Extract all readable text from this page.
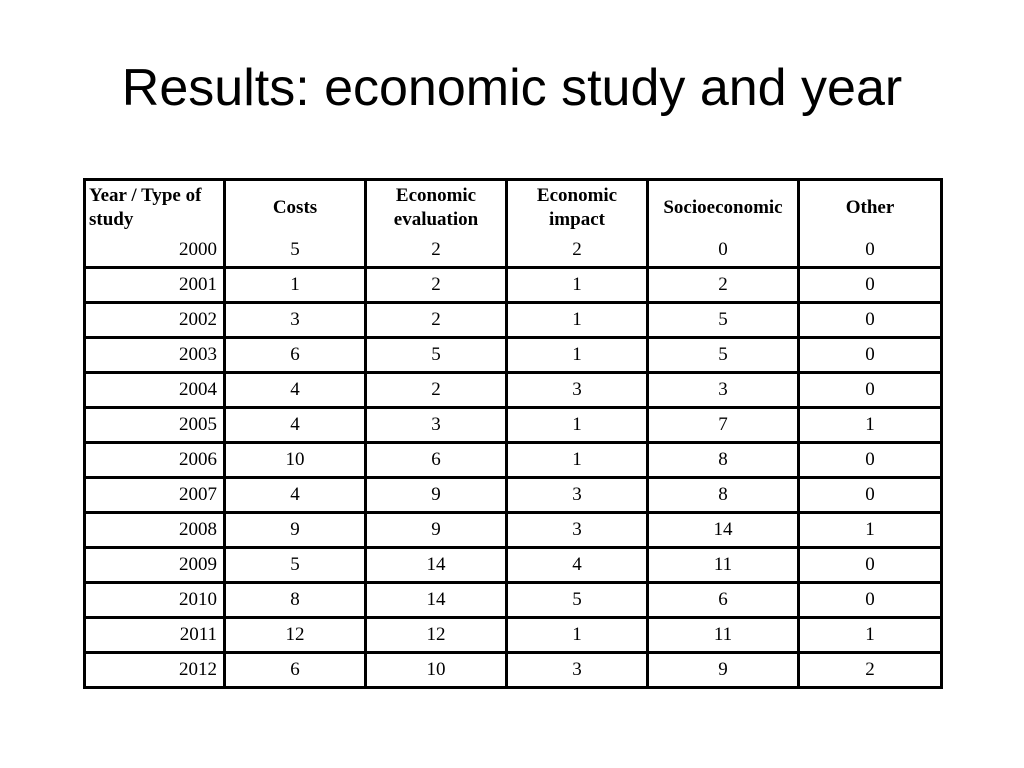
Results: economic study and year
Year / Type of study	Costs	Economic evaluation	Economic impact	Socioeconomic	Other
2000	5	2	2	0	0
2001	1	2	1	2	0
2002	3	2	1	5	0
2003	6	5	1	5	0
2004	4	2	3	3	0
2005	4	3	1	7	1
2006	10	6	1	8	0
2007	4	9	3	8	0
2008	9	9	3	14	1
2009	5	14	4	11	0
2010	8	14	5	6	0
2011	12	12	1	11	1
2012	6	10	3	9	2
